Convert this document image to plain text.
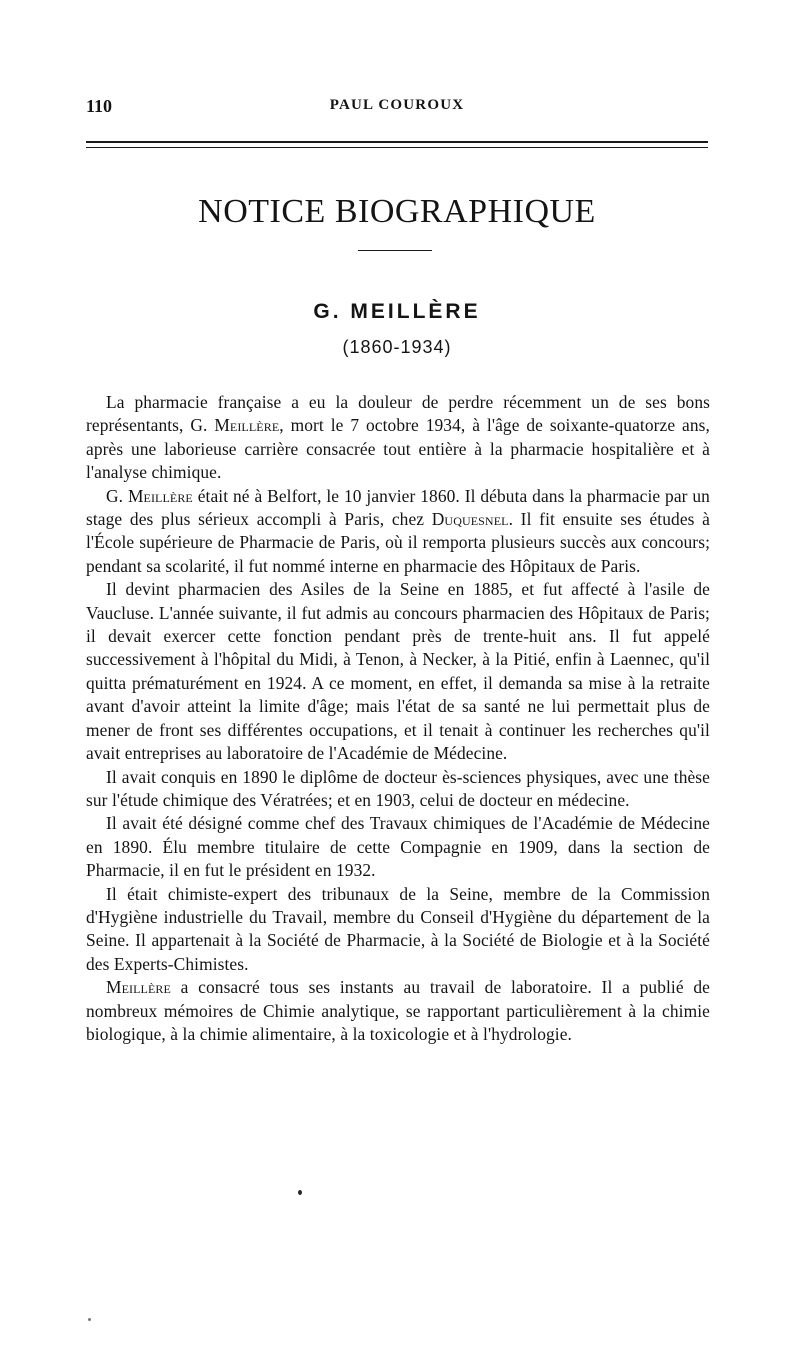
110	PAUL COUROUX
NOTICE BIOGRAPHIQUE
G. MEILLÈRE
(1860-1934)

La pharmacie française a eu la douleur de perdre récemment un de ses bons représentants, G. Meillère, mort le 7 octobre 1934, à l'âge de soixante-quatorze ans, après une laborieuse carrière consacrée tout entière à la pharmacie hospitalière et à l'analyse chimique.

G. Meillère était né à Belfort, le 10 janvier 1860. Il débuta dans la pharmacie par un stage des plus sérieux accompli à Paris, chez Duquesnel. Il fit ensuite ses études à l'École supérieure de Pharmacie de Paris, où il remporta plusieurs succès aux concours; pendant sa scolarité, il fut nommé interne en pharmacie des Hôpitaux de Paris.

Il devint pharmacien des Asiles de la Seine en 1885, et fut affecté à l'asile de Vaucluse. L'année suivante, il fut admis au concours pharmacien des Hôpitaux de Paris; il devait exercer cette fonction pendant près de trente-huit ans. Il fut appelé successivement à l'hôpital du Midi, à Tenon, à Necker, à la Pitié, enfin à Laennec, qu'il quitta prématurément en 1924. A ce moment, en effet, il demanda sa mise à la retraite avant d'avoir atteint la limite d'âge; mais l'état de sa santé ne lui permettait plus de mener de front ses différentes occupations, et il tenait à continuer les recherches qu'il avait entreprises au laboratoire de l'Académie de Médecine.

Il avait conquis en 1890 le diplôme de docteur ès-sciences physiques, avec une thèse sur l'étude chimique des Vératrées; et en 1903, celui de docteur en médecine.

Il avait été désigné comme chef des Travaux chimiques de l'Académie de Médecine en 1890. Élu membre titulaire de cette Compagnie en 1909, dans la section de Pharmacie, il en fut le président en 1932.

Il était chimiste-expert des tribunaux de la Seine, membre de la Commission d'Hygiène industrielle du Travail, membre du Conseil d'Hygiène du département de la Seine. Il appartenait à la Société de Pharmacie, à la Société de Biologie et à la Société des Experts-Chimistes.

Meillère a consacré tous ses instants au travail de laboratoire. Il a publié de nombreux mémoires de Chimie analytique, se rapportant particulièrement à la chimie biologique, à la chimie alimentaire, à la toxicologie et à l'hydrologie.
